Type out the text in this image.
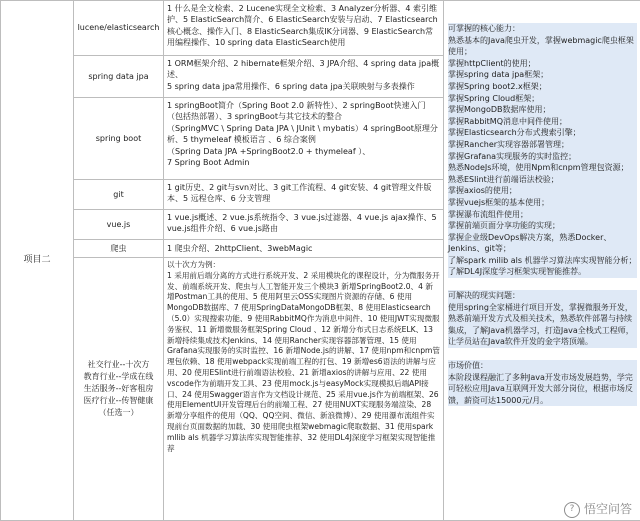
项目二
lucene/elasticsearch
1 什么是全文检索、2 Lucene实现全文检索、3 Analyzer分析器、4 索引维护、5 ElasticSearch简介、6 ElasticSearch安装与启动、7 Elasticsearch核心概念、操作入门、8 ElasticSearch集成IK分词器、9 ElasticSearch常用编程操作、10 spring data ElasticSearch使用
spring data jpa
1 ORM框架介绍、2 hibernate框架介绍、3 JPA介绍、4 spring data jpa概述、
5 spring data jpa常用操作、6 spring data jpa关联映射与多表操作
spring boot
1 springBoot简介（Spring Boot 2.0 新特性）、2 springBoot快速入门（包括热部署）、3 springBoot与其它技术的整合
（SpringMVC \ Spring Data JPA \ JUnit \ mybatis）4 springBoot原理分析、5 thymeleaf 模板语言 、6 综合案例
（Spring Data JPA +SpringBoot2.0 + thymeleaf ）、
7 Spring Boot Admin
git
1 git历史、2 git与svn对比、3 git工作流程、4 git安装、4 git管理文件版本、5 远程仓库、6 分支管理
vue.js
1 vue.js概述、2 vue.js系统指令、3 vue.js过滤器、4 vue.js ajax操作、5 vue.js组件介绍、6 vue.js路由
爬虫	1 爬虫介绍、2httpClient、3webMagic
社交行业--十次方
教育行业--学成在线
生活服务--好客租房
医疗行业--传智健康
（任选一）
以十次方为例：
1 采用前后端分离的方式进行系统开发、2 采用模块化的课程设计，分为微服务开发、前端系统开发、爬虫与人工智能开发三个模块3 新增SpringBoot2.0、4 新增Postman工具的使用、5 使用阿里云OSS实现图片资源的存储、6 使用MongoDB数据库、7 使用SpringDataMongoDB框架、8 使用Elasticsearch（5.0）实现搜索功能、9 使用RabbitMQ作为消息中间件、10 使用JWT实现微服务鉴权、11 新增微服务框架Spring Cloud 、12 新增分布式日志系统ELK、13 新增持续集成技术Jenkins、14 使用Rancher实现容器部署管理、15 使用Grafana实现服务的实时监控、16 新增Node.js的讲解、17 使用npm和cnpm管理包依赖、18 使用webpack实现前端工程的打包、19 新增es6语法的讲解与应用、20 使用ESlint进行前端语法校验、21 新增axios的讲解与应用、22 使用vscode作为前端开发工具、23 使用mock.js与easyMock实现模拟后端API接口、24 使用Swagger语言作为文档设计规范、25 采用vue.js作为前端框架、26 使用ElementUI开发管理后台的前端工程、27 使用NUXT实现服务端渲染、28 新增分享组件的使用（QQ、QQ空间、微信、新浪微博）、29 使用瀑布流组件实现前台页面数据的加载、30 使用爬虫框架webmagic爬取数据、31 使用spark mllib als 机器学习算法库实现智能推荐、32 使用DL4J深度学习框架实现智能推荐
可掌握的核心能力：
熟悉基本的Java爬虫开发，掌握webmagic爬虫框架使用；
掌握httpClient的使用；
掌握spring data jpa框架；
掌握Spring boot2.x框架；
掌握Spring Cloud框架；
掌握MongoDB数据库使用；
掌握RabbitMQ消息中间件使用；
掌握Elasticsearch分布式搜索引擎；
掌握Rancher实现容器部署管理；
掌握Grafana实现服务的实时监控；
熟悉NodeJs环境，使用Npm和cnpm管理包资源；
熟悉ESlint进行前端语法校验；
掌握axios的使用；
掌握vuejs框架的基本使用；
掌握瀑布流组件使用；
掌握前端页面分享功能的实现；
掌握企业级DevOps解决方案，熟悉Docker、Jenkins、git等；
了解spark milib als 机器学习算法库实现智能分析；
了解DL4J深度学习框架实现智能推荐。
可解决的现实问题：
使用spring全家桶进行项目开发，掌握微服务开发，熟悉前端开发方式及相关技术，熟悉软件部署与持续集成，了解Java机器学习，打造Java全栈式工程师，让学员站在Java软件开发的金字塔顶端。
市场价值：
本阶段课程融汇了多种Java开发市场发展趋势，学完可轻松应用Java互联网开发大部分岗位，根据市场反馈，薪资可达15000元/月。
? 悟空问答
